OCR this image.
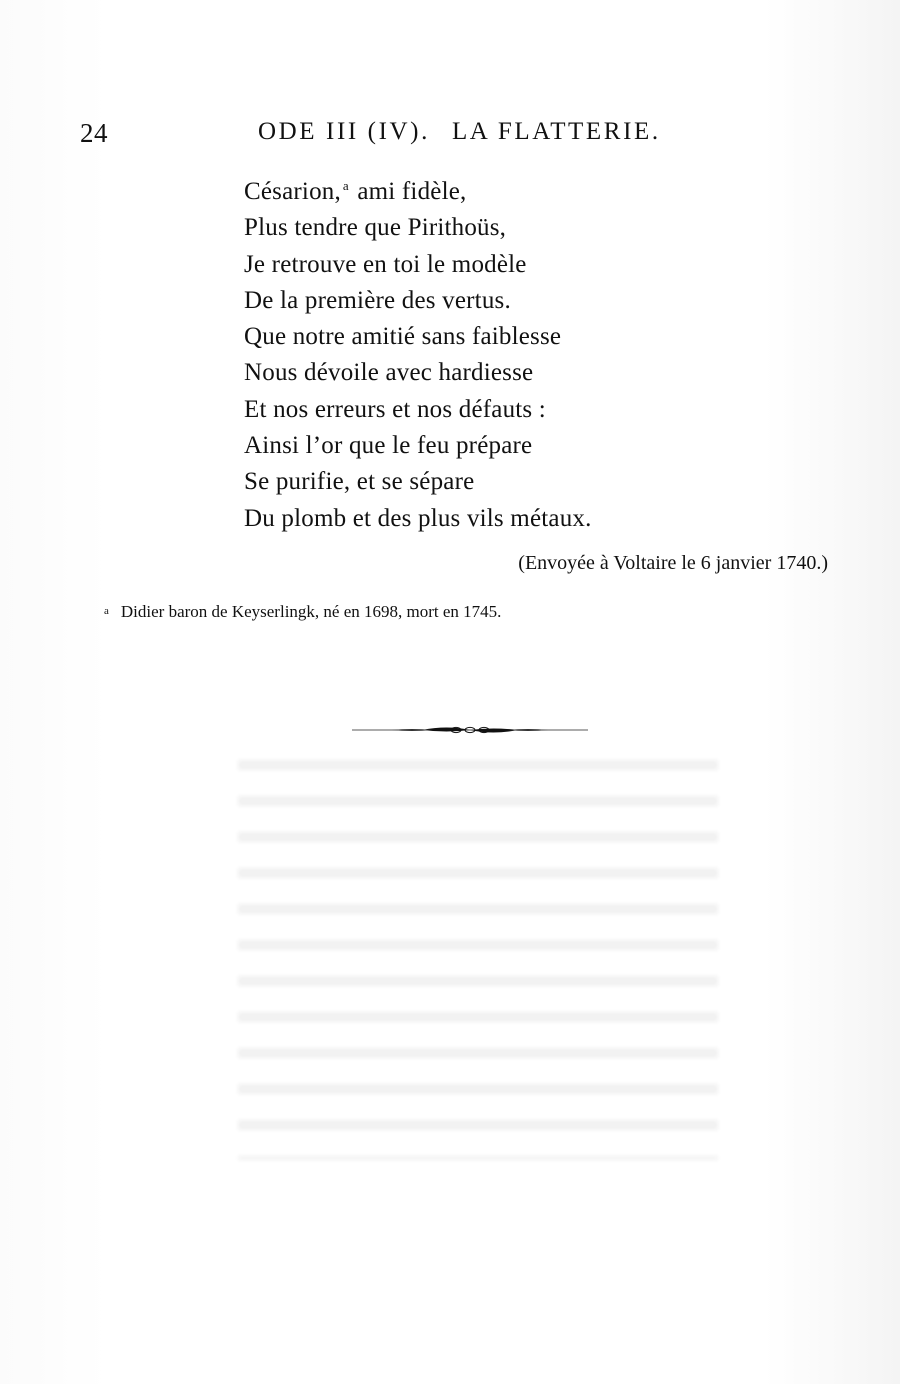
24	ODE III (IV). LA FLATTERIE.
Césarion, $^a$ ami fidèle,
Plus tendre que Pirithoüs,
Je retrouve en toi le modèle
De la première des vertus.
Que notre amitié sans faiblesse
Nous dévoile avec hardiesse
Et nos erreurs et nos défauts :
Ainsi l’or que le feu prépare
Se purifie, et se sépare
Du plomb et des plus vils métaux.
(Envoyée à Voltaire le 6 janvier 1740.)
a Didier baron de Keyserlingk, né en 1698, mort en 1745.
